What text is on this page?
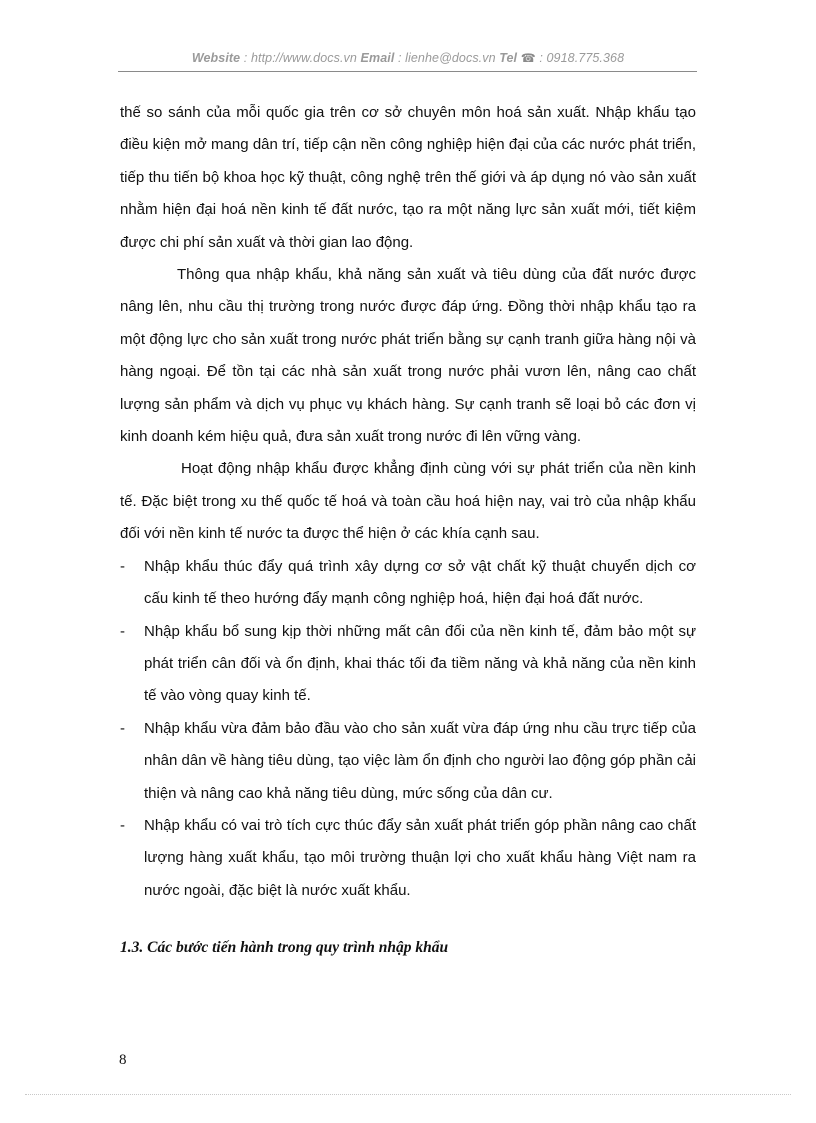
Website : http://www.docs.vn Email : lienhe@docs.vn Tel ☎ : 0918.775.368

thế so sánh của mỗi quốc gia trên cơ sở chuyên môn hoá sản xuất. Nhập khẩu tạo điều kiện mở mang dân trí, tiếp cận nền công nghiệp hiện đại của các nước phát triển, tiếp thu tiến bộ khoa học kỹ thuật, công nghệ trên thế giới và áp dụng nó vào sản xuất nhằm hiện đại hoá nền kinh tế đất nước, tạo ra một năng lực sản xuất mới, tiết kiệm được chi phí sản xuất và thời gian lao động.

Thông qua nhập khẩu, khả năng sản xuất và tiêu dùng của đất nước được nâng lên, nhu cầu thị trường trong nước được đáp ứng. Đồng thời nhập khẩu tạo ra một động lực cho sản xuất trong nước phát triển bằng sự cạnh tranh giữa hàng nội và hàng ngoại. Để tồn tại các nhà sản xuất trong nước phải vươn lên, nâng cao chất lượng sản phẩm và dịch vụ phục vụ khách hàng. Sự cạnh tranh sẽ loại bỏ các đơn vị kinh doanh kém hiệu quả, đưa sản xuất trong nước đi lên vững vàng.

Hoạt động nhập khẩu được khẳng định cùng với sự phát triển của nền kinh tế. Đặc biệt trong xu thế quốc tế hoá và toàn cầu hoá hiện nay, vai trò của nhập khẩu đối với nền kinh tế nước ta được thể hiện ở các khía cạnh sau.

- Nhập khẩu thúc đẩy quá trình xây dựng cơ sở vật chất kỹ thuật chuyển dịch cơ cấu kinh tế theo hướng đẩy mạnh công nghiệp hoá, hiện đại hoá đất nước.
- Nhập khẩu bổ sung kịp thời những mất cân đối của nền kinh tế, đảm bảo một sự phát triển cân đối và ổn định, khai thác tối đa tiềm năng và khả năng của nền kinh tế vào vòng quay kinh tế.
- Nhập khẩu vừa đảm bảo đầu vào cho sản xuất vừa đáp ứng nhu cầu trực tiếp của nhân dân về hàng tiêu dùng, tạo việc làm ổn định cho người lao động góp phần cải thiện và nâng cao khả năng tiêu dùng, mức sống của dân cư.
- Nhập khẩu có vai trò tích cực thúc đẩy sản xuất phát triển góp phần nâng cao chất lượng hàng xuất khẩu, tạo môi trường thuận lợi cho xuất khẩu hàng Việt nam ra nước ngoài, đặc biệt là nước xuất khẩu.
1.3. Các bước tiến hành trong quy trình nhập khẩu
8
